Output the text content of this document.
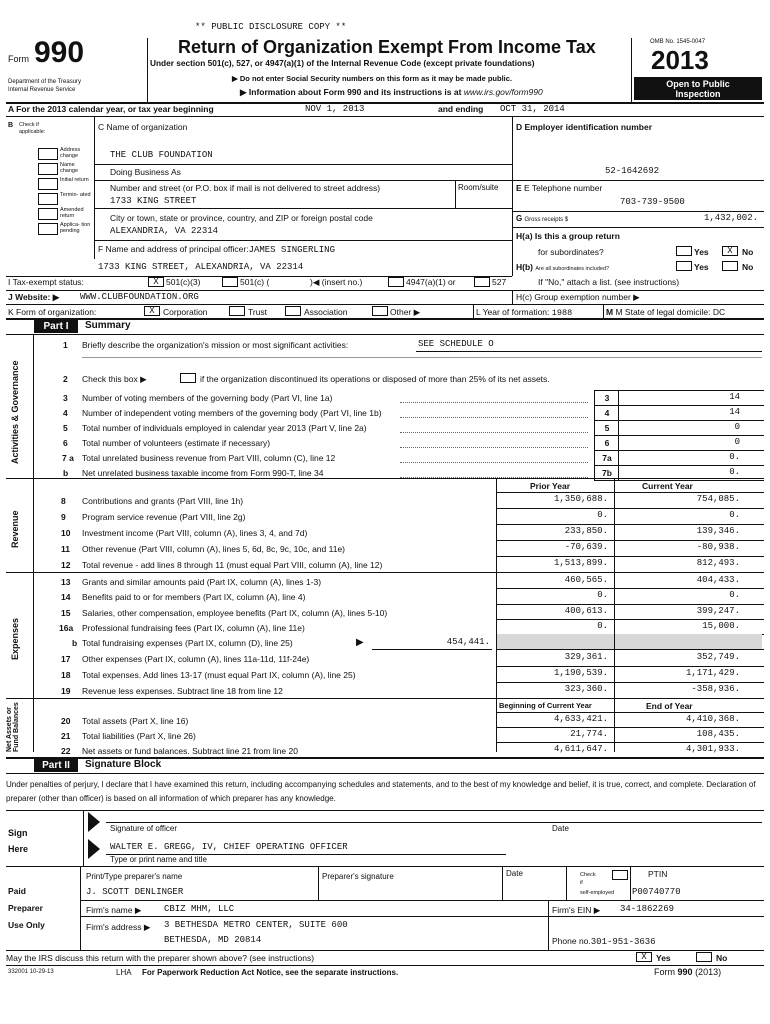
** PUBLIC DISCLOSURE COPY **
Form 990
Department of the Treasury
Internal Revenue Service
Return of Organization Exempt From Income Tax
Under section 501(c), 527, or 4947(a)(1) of the Internal Revenue Code (except private foundations)
▶ Do not enter Social Security numbers on this form as it may be made public.
▶ Information about Form 990 and its instructions is at www.irs.gov/form990
OMB No. 1545-0047
2013
Open to Public
Inspection
A For the 2013 calendar year, or tax year beginning	NOV 1, 2013	and ending OCT 31, 2014
B Check if applicable:
Address change
Name change
Initial return
Termin- ated
Amended return
Applica- tion pending
C Name of organization
THE CLUB FOUNDATION
Doing Business As
Number and street (or P.O. box if mail is not delivered to street address)	Room/suite
1733 KING STREET
City or town, state or province, country, and ZIP or foreign postal code
ALEXANDRIA, VA 22314
F Name and address of principal officer:JAMES SINGERLING
1733 KING STREET, ALEXANDRIA, VA 22314
D Employer identification number
52-1642692
E E Telephone number
703-739-9500
G Gross receipts $	1,432,002.
H(a) Is this a group return
for subordinates?	Yes	X	No
H(b) Are all subordinates included?	Yes	No
If "No," attach a list. (see instructions)
H(c) Group exemption number ▶
I Tax-exempt status:	X 501(c)(3)	501(c) (	)◀ (insert no.)	4947(a)(1) or	527
J Website: ▶ WWW.CLUBFOUNDATION.ORG
K Form of organization:	X Corporation	Trust	Association	Other ▶	L Year of formation: 1988	M M State of legal domicile: DC
Part I	Summary
Activities & Governance
Revenue
Expenses
Net Assets or Fund Balances
1 Briefly describe the organization's mission or most significant activities:	SEE SCHEDULE O
2 Check this box ▶	if the organization discontinued its operations or disposed of more than 25% of its net assets.
3 Number of voting members of the governing body (Part VI, line 1a)	3	14
4 Number of independent voting members of the governing body (Part VI, line 1b)	4	14
5 Total number of individuals employed in calendar year 2013 (Part V, line 2a)	5	0
6 Total number of volunteers (estimate if necessary)	6	0
7 a Total unrelated business revenue from Part VIII, column (C), line 12	7a	0.
b Net unrelated business taxable income from Form 990-T, line 34	7b	0.
Prior Year	Current Year
8 Contributions and grants (Part VIII, line 1h)	1,350,688.	754,085.
9 Program service revenue (Part VIII, line 2g)	0.	0.
10 Investment income (Part VIII, column (A), lines 3, 4, and 7d)	233,850.	139,346.
11 Other revenue (Part VIII, column (A), lines 5, 6d, 8c, 9c, 10c, and 11e)	-70,639.	-80,938.
12 Total revenue - add lines 8 through 11 (must equal Part VIII, column (A), line 12)	1,513,899.	812,493.
13 Grants and similar amounts paid (Part IX, column (A), lines 1-3)	460,565.	404,433.
14 Benefits paid to or for members (Part IX, column (A), line 4)	0.	0.
15 Salaries, other compensation, employee benefits (Part IX, column (A), lines 5-10)	400,613.	399,247.
16a Professional fundraising fees (Part IX, column (A), line 11e)	0.	15,000.
b Total fundraising expenses (Part IX, column (D), line 25)	▶	454,441.
17 Other expenses (Part IX, column (A), lines 11a-11d, 11f-24e)	329,361.	352,749.
18 Total expenses. Add lines 13-17 (must equal Part IX, column (A), line 25)	1,190,539.	1,171,429.
19 Revenue less expenses. Subtract line 18 from line 12	323,360.	-358,936.
Beginning of Current Year	End of Year
20 Total assets (Part X, line 16)	4,633,421.	4,410,368.
21 Total liabilities (Part X, line 26)	21,774.	108,435.
22 Net assets or fund balances. Subtract line 21 from line 20	4,611,647.	4,301,933.
Part II	Signature Block
Under penalties of perjury, I declare that I have examined this return, including accompanying schedules and statements, and to the best of my knowledge and belief, it is true, correct, and complete. Declaration of preparer (other than officer) is based on all information of which preparer has any knowledge.
Sign
Here
Signature of officer	Date
WALTER E. GREGG, IV, CHIEF OPERATING OFFICER
Type or print name and title
Paid
Preparer
Use Only
Print/Type preparer's name	Preparer's signature	Date	Check
if
self-employed
PTIN
J. SCOTT DENLINGER	P00740770
Firm's name ▶	CBIZ MHM, LLC	Firm's EIN ▶ 34-1862269
Firm's address ▶ 3 BETHESDA METRO CENTER, SUITE 600
BETHESDA, MD 20814	Phone no.301-951-3636
May the IRS discuss this return with the preparer shown above? (see instructions)	X	Yes	No
332001 10-29-13	LHA For Paperwork Reduction Act Notice, see the separate instructions.	Form 990 (2013)
